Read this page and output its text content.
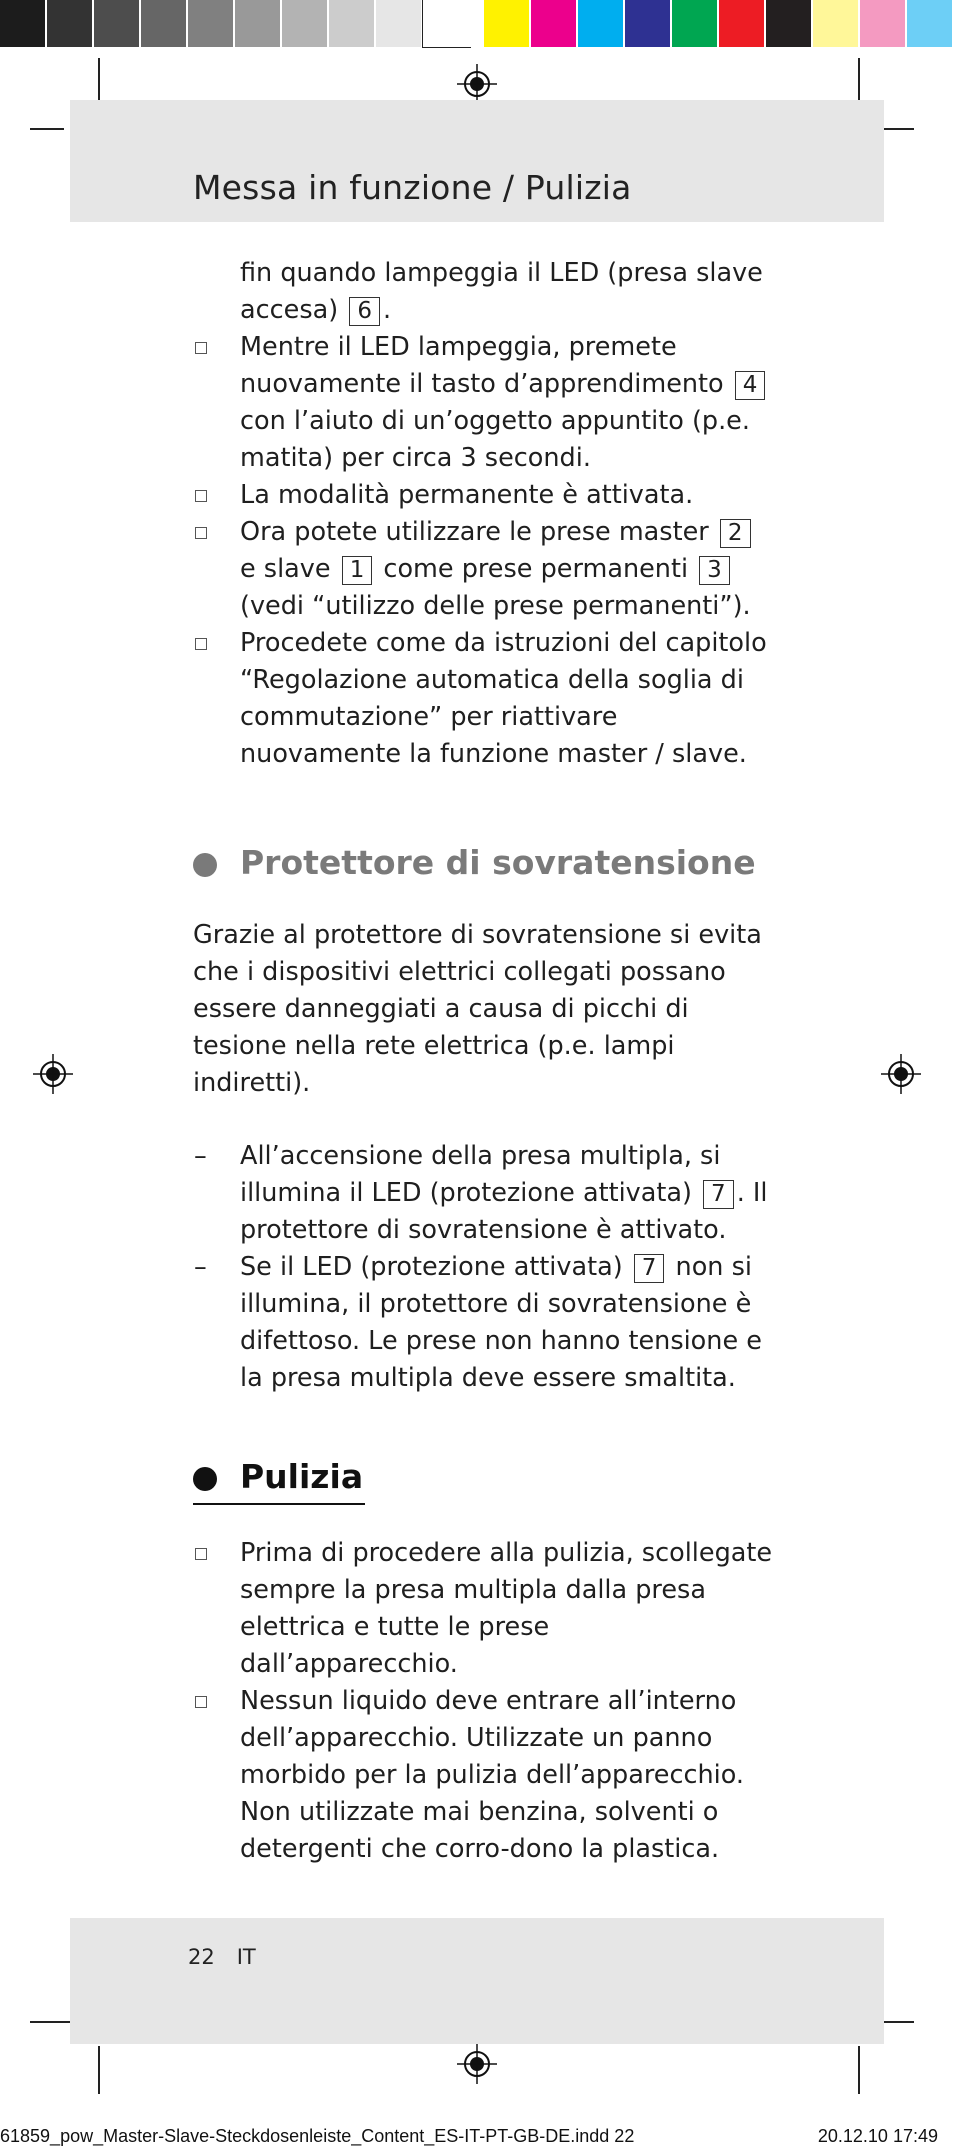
Messa in funzione / Pulizia

fin quando lampeggia il LED (presa slave accesa) 6 .

Mentre il LED lampeggia, premete nuovamente il tasto d’apprendimento 4 con l’aiuto di un’oggetto appuntito (p.e. matita) per circa 3 secondi.
La modalità permanente è attivata.
Ora potete utilizzare le prese master 2 e slave 1 come prese permanenti 3 (vedi “utilizzo delle prese permanenti”).
Procedete come da istruzioni del capitolo “Regolazione automatica della soglia di commutazione” per riattivare nuovamente la funzione master / slave.
Protettore di sovratensione

Grazie al protettore di sovratensione si evita che i dispositivi elettrici collegati possano essere danneggiati a causa di picchi di tesione nella rete elettrica (p.e. lampi indiretti).

All’accensione della presa multipla, si illumina il LED (protezione attivata) 7 . Il protettore di sovratensione è attivato.
Se il LED (protezione attivata) 7 non si illumina, il protettore di sovratensione è difettoso. Le prese non hanno tensione e la presa multipla deve essere smaltita.
Pulizia
Prima di procedere alla pulizia, scollegate sempre la presa multipla dalla presa elettrica e tutte le prese dall’apparecchio.
Nessun liquido deve entrare all’interno dell’apparecchio. Utilizzate un panno morbido per la pulizia dell’apparecchio. Non utilizzate mai benzina, solventi o detergenti che corro-dono la plastica.
22 IT
61859_pow_Master-Slave-Steckdosenleiste_Content_ES-IT-PT-GB-DE.indd 22	20.12.10 17:49
